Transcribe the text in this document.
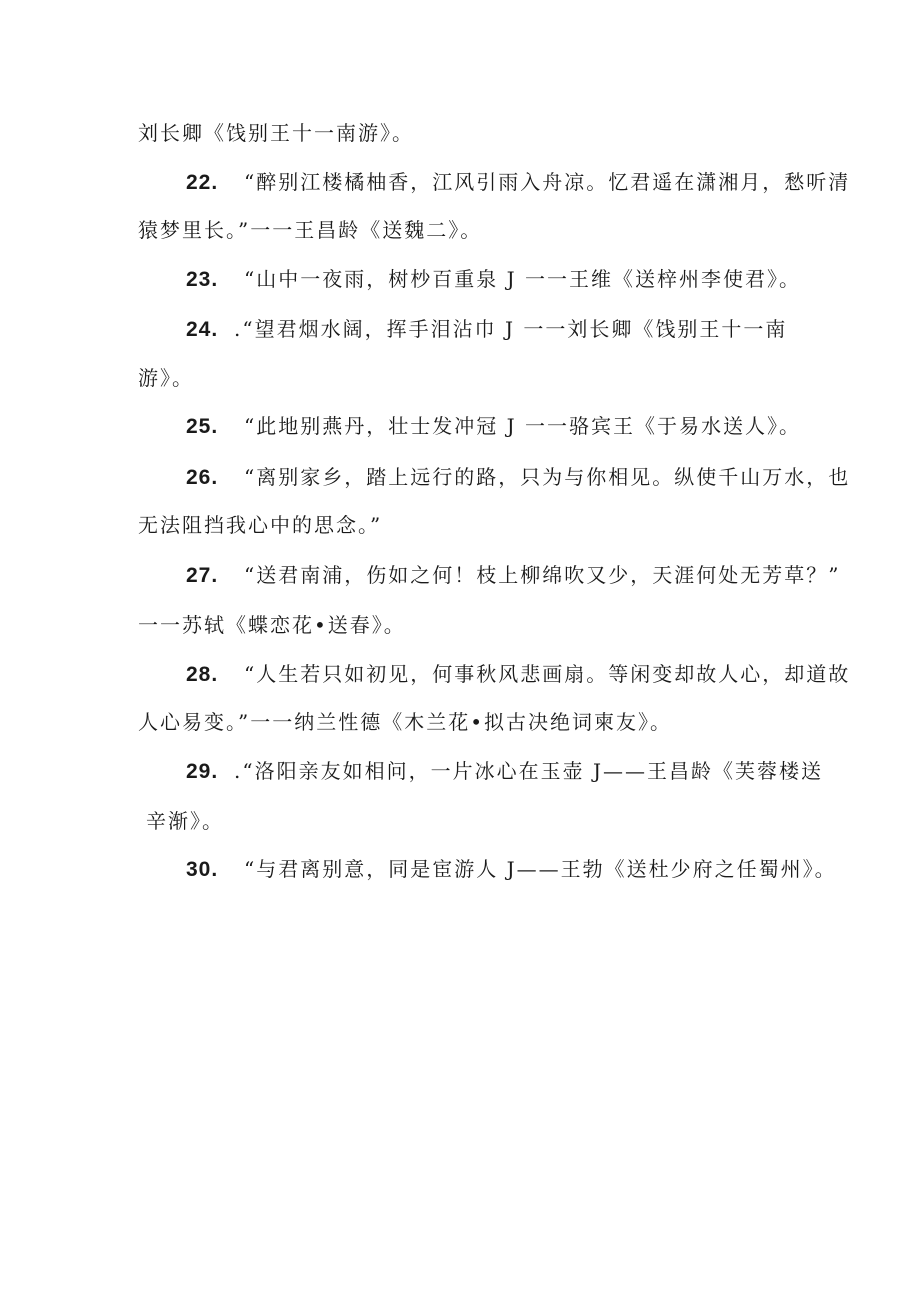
刘长卿《饯别王十一南游》。
22. “醉别江楼橘柚香，江风引雨入舟凉。忆君遥在潇湘月，愁听清
猿梦里长。”一一王昌龄《送魏二》。
23. “山中一夜雨，树杪百重泉 J 一一王维《送梓州李使君》。
24. .“望君烟水阔，挥手泪沾巾 J 一一刘长卿《饯别王十一南
游》。
25. “此地别燕丹，壮士发冲冠 J 一一骆宾王《于易水送人》。
26. “离别家乡，踏上远行的路，只为与你相见。纵使千山万水，也
无法阻挡我心中的思念。”
27. “送君南浦，伤如之何！枝上柳绵吹又少，天涯何处无芳草？”
一一苏轼《蝶恋花•送春》。
28. “人生若只如初见，何事秋风悲画扇。等闲变却故人心，却道故
人心易变。”一一纳兰性德《木兰花•拟古决绝词柬友》。
29. .“洛阳亲友如相问，一片冰心在玉壶 J——王昌龄《芙蓉楼送
辛渐》。
30. “与君离别意，同是宦游人 J——王勃《送杜少府之任蜀州》。
